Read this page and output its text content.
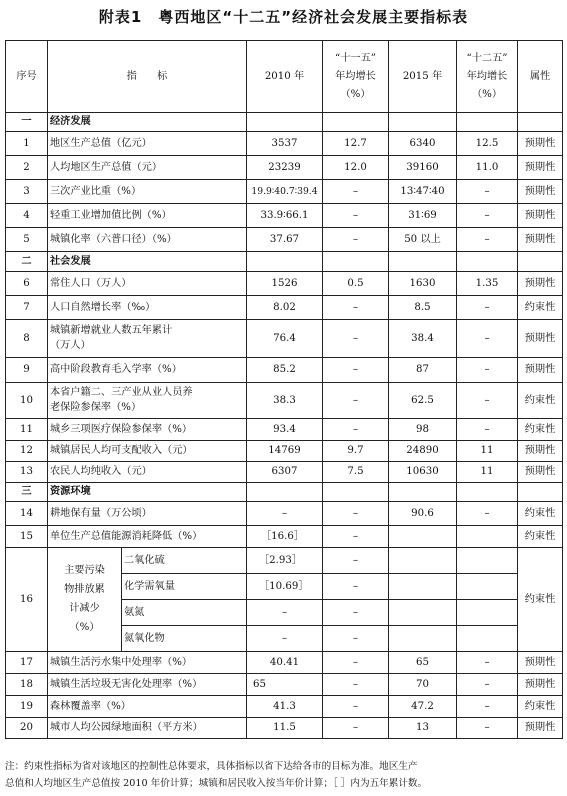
附表1　粤西地区“十二五”经济社会发展主要指标表
序号	指　　标		2010 年	“十一五”
年均增长
（%）	2015 年	“十二五”
年均增长
（%）	属性
一	经济发展						
1	地区生产总值（亿元）		3537	12.7	6340	12.5	预期性
2	人均地区生产总值（元）		23239	12.0	39160	11.0	预期性
3	三次产业比重（%）		19.9∶40.7∶39.4	–	13∶47∶40	–	预期性
4	轻重工业增加值比例（%）		33.9∶66.1	–	31∶69	–	预期性
5	城镇化率（六普口径）（%）		37.67	–	50 以上	–	预期性
二	社会发展						
6	常住人口（万人）		1526	0.5	1630	1.35	预期性
7	人口自然增长率（‰）		8.02	–	8.5	–	约束性
8	城镇新增就业人数五年累计
（万人）		76.4	–	38.4	–	预期性
9	高中阶段教育毛入学率（%）		85.2	–	87	–	预期性
10	本省户籍二、三产业从业人员养
老保险参保率（%）		38.3	–	62.5	–	约束性
11	城乡三项医疗保险参保率（%）		93.4	–	98	–	约束性
12	城镇居民人均可支配收入（元）		14769	9.7	24890	11	预期性
13	农民人均纯收入（元）		6307	7.5	10630	11	预期性
三	资源环境						
14	耕地保有量（万公顷）		–	–	90.6	–	约束性
15	单位生产总值能源消耗降低（%）		［16.6］	–			约束性
16	主要污染
物排放累
计减少
（%）	二氧化硫	［2.93］	–			约束性
		化学需氧量	［10.69］	–			
		氨氮	–	–			
		氮氧化物	–	–			
17	城镇生活污水集中处理率（%）		40.41	–	65	–	预期性
18	城镇生活垃圾无害化处理率（%）		65	–	70	–	预期性
19	森林覆盖率（%）		41.3	–	47.2	–	约束性
20	城市人均公园绿地面积（平方米）		11.5	–	13	–	预期性
注：约束性指标为省对该地区的控制性总体要求，具体指标以省下达给各市的目标为准。地区生产
总值和人均地区生产总值按 2010 年价计算；城镇和居民收入按当年价计算；［ ］内为五年累计数。
